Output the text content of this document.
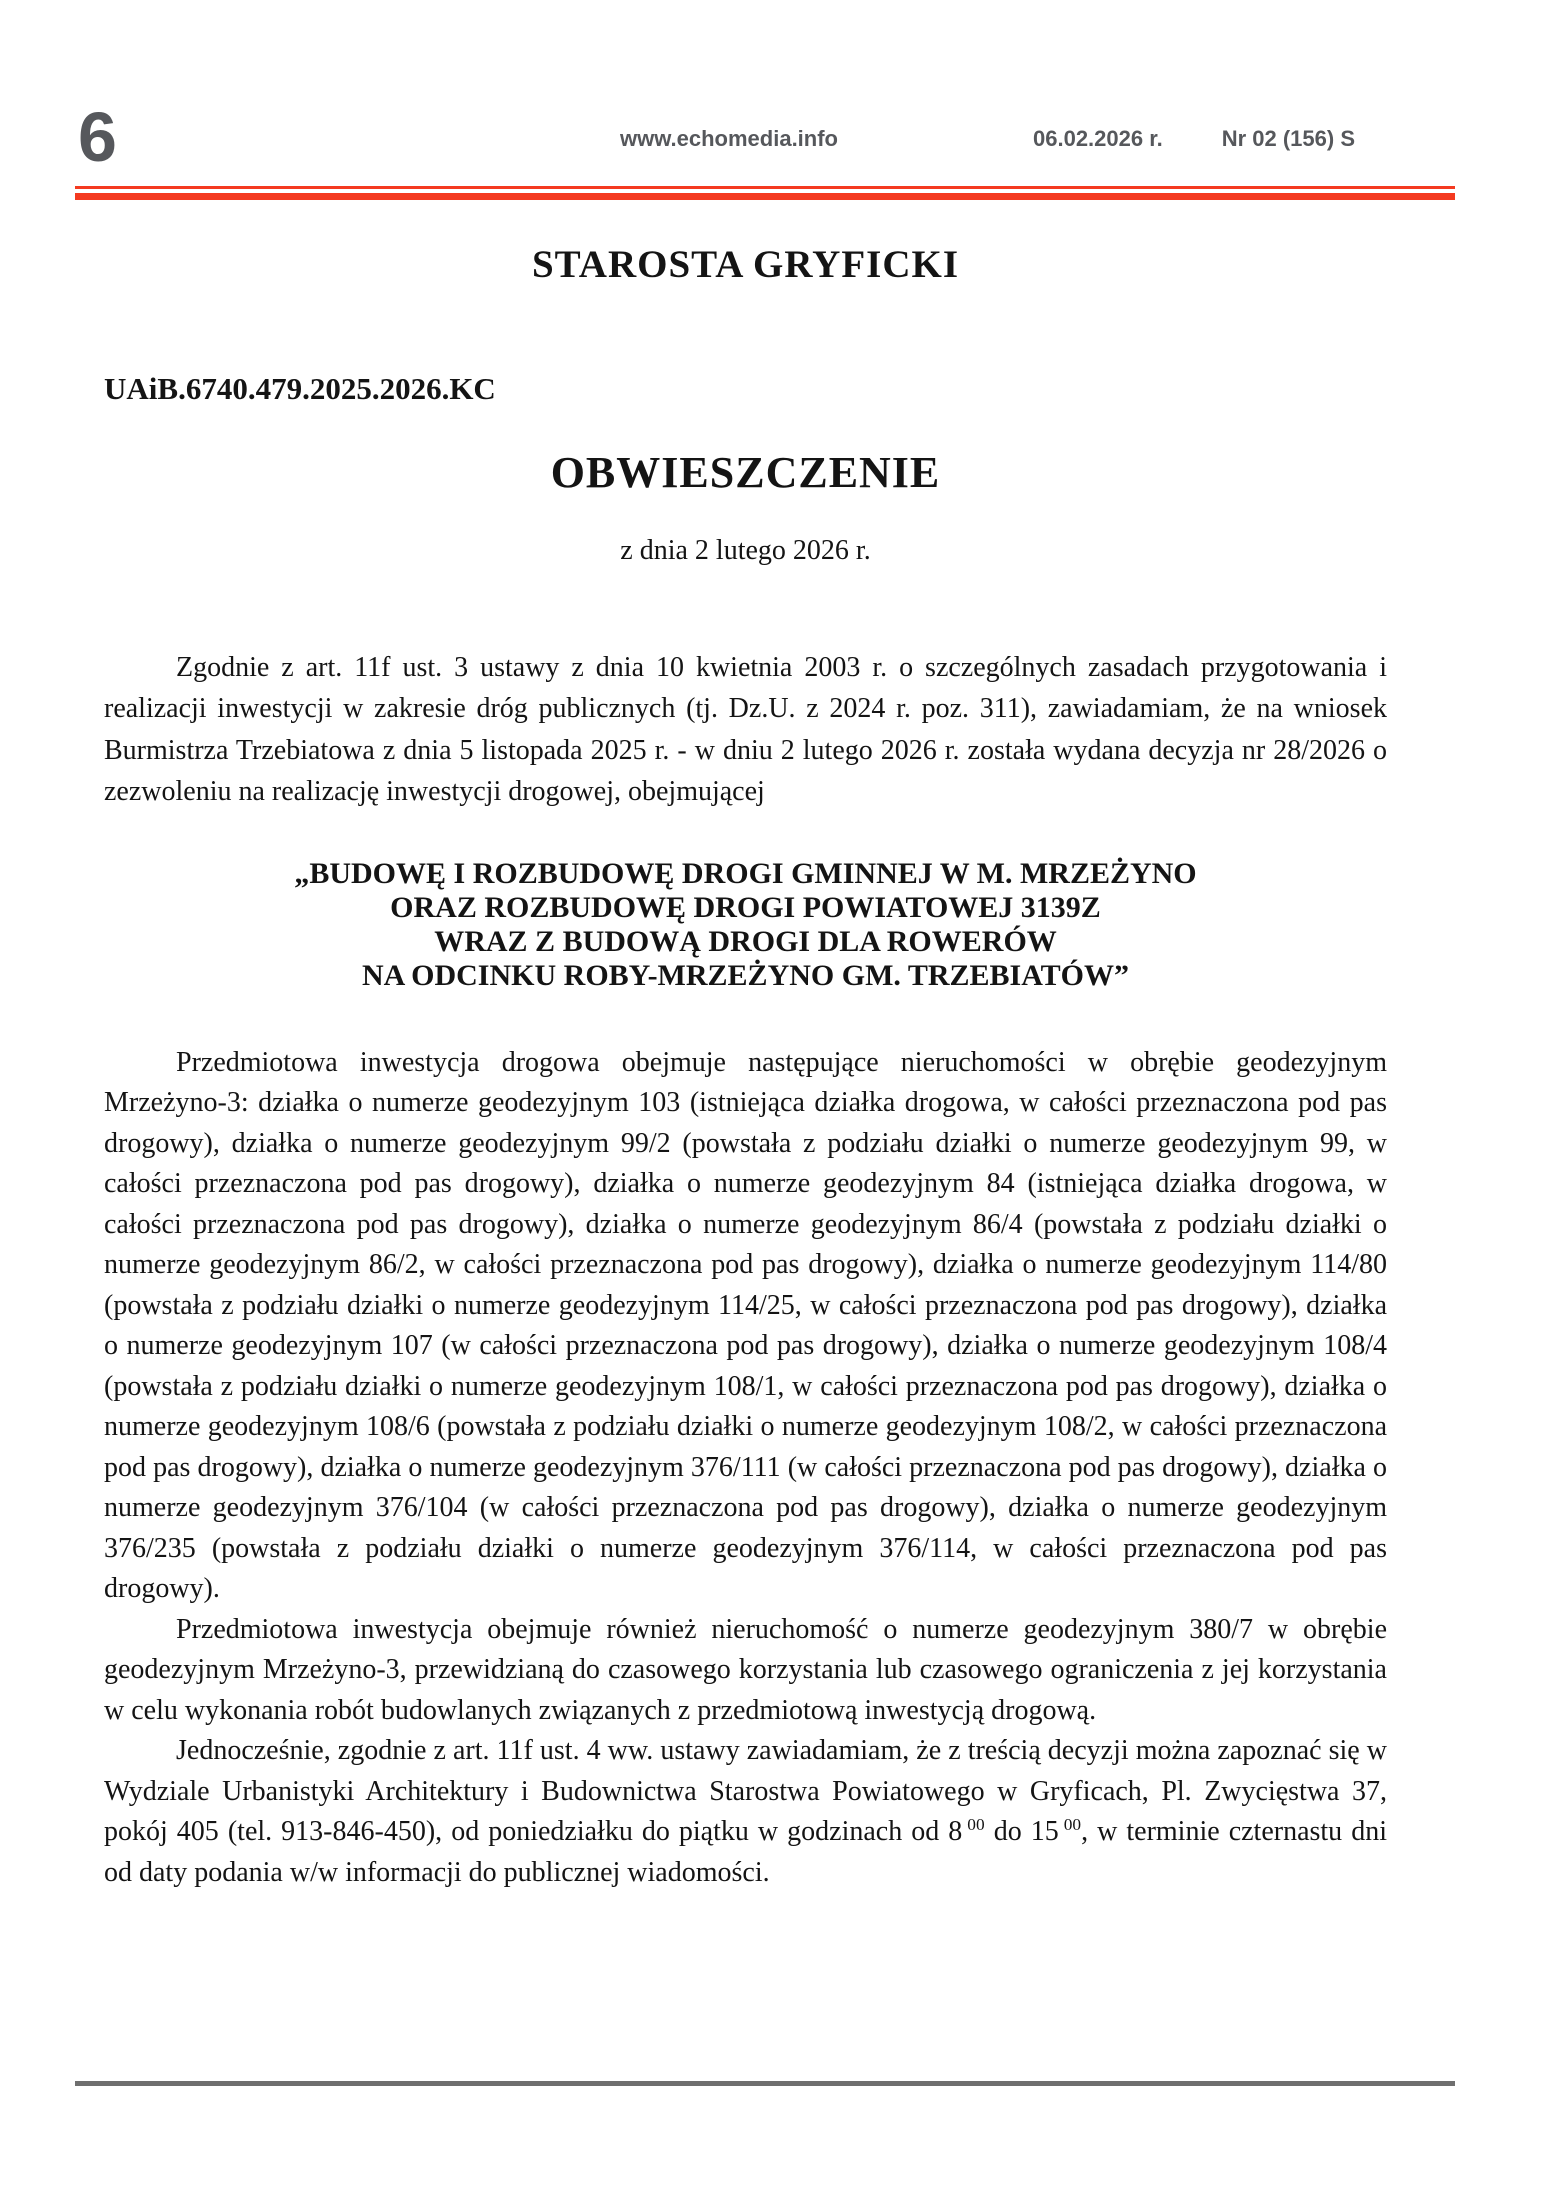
6	www.echomedia.info	06.02.2026 r.	Nr 02 (156) S
STAROSTA GRYFICKI
UAiB.6740.479.2025.2026.KC
OBWIESZCZENIE
z dnia 2 lutego 2026 r.

Zgodnie z art. 11f ust. 3 ustawy z dnia 10 kwietnia 2003 r. o szczególnych zasadach przygotowania i realizacji inwestycji w zakresie dróg publicznych (tj. Dz.U. z 2024 r. poz. 311), zawiadamiam, że na wniosek Burmistrza Trzebiatowa z dnia 5 listopada 2025 r. - w dniu 2 lutego 2026 r. została wydana decyzja nr 28/2026 o zezwoleniu na realizację inwestycji drogowej, obejmującej

„BUDOWĘ I ROZBUDOWĘ DROGI GMINNEJ W M. MRZEŻYNO
ORAZ ROZBUDOWĘ DROGI POWIATOWEJ 3139Z
WRAZ Z BUDOWĄ DROGI DLA ROWERÓW
NA ODCINKU ROBY-MRZEŻYNO GM. TRZEBIATÓW”

Przedmiotowa inwestycja drogowa obejmuje następujące nieruchomości w obrębie geodezyjnym Mrzeżyno-3: działka o numerze geodezyjnym 103 (istniejąca działka drogowa, w całości przeznaczona pod pas drogowy), działka o numerze geodezyjnym 99/2 (powstała z podziału działki o numerze geodezyjnym 99, w całości przeznaczona pod pas drogowy), działka o numerze geodezyjnym 84 (istniejąca działka drogowa, w całości przeznaczona pod pas drogowy), działka o numerze geodezyjnym 86/4 (powstała z podziału działki o numerze geodezyjnym 86/2, w całości przeznaczona pod pas drogowy), działka o numerze geodezyjnym 114/80 (powstała z podziału działki o numerze geodezyjnym 114/25, w całości przeznaczona pod pas drogowy), działka o numerze geodezyjnym 107 (w całości przeznaczona pod pas drogowy), działka o numerze geodezyjnym 108/4 (powstała z podziału działki o numerze geodezyjnym 108/1, w całości przeznaczona pod pas drogowy), działka o numerze geodezyjnym 108/6 (powstała z podziału działki o numerze geodezyjnym 108/2, w całości przeznaczona pod pas drogowy), działka o numerze geodezyjnym 376/111 (w całości przeznaczona pod pas drogowy), działka o numerze geodezyjnym 376/104 (w całości przeznaczona pod pas drogowy), działka o numerze geodezyjnym 376/235 (powstała z podziału działki o numerze geodezyjnym 376/114, w całości przeznaczona pod pas drogowy).

Przedmiotowa inwestycja obejmuje również nieruchomość o numerze geodezyjnym 380/7 w obrębie geodezyjnym Mrzeżyno-3, przewidzianą do czasowego korzystania lub czasowego ograniczenia z jej korzystania w celu wykonania robót budowlanych związanych z przedmiotową inwestycją drogową.

Jednocześnie, zgodnie z art. 11f ust. 4 ww. ustawy zawiadamiam, że z treścią decyzji można zapoznać się w Wydziale Urbanistyki Architektury i Budownictwa Starostwa Powiatowego w Gryficach, Pl. Zwycięstwa 37, pokój 405 (tel. 913-846-450), od poniedziałku do piątku w godzinach od 8 $^{00}$ do 15 $^{00}$, w terminie czternastu dni od daty podania w/w informacji do publicznej wiadomości.
